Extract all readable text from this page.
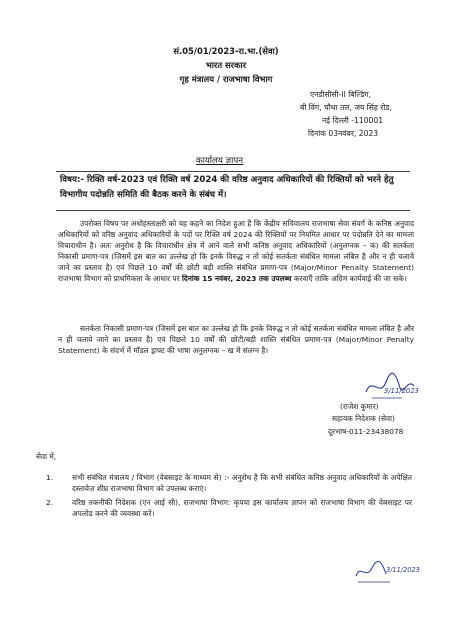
सं.05/01/2023-रा.भा.(सेवा)
भारत सरकार
गृह मंत्रालय / राजभाषा विभाग
एनडीसीसी-II बिल्डिंग,
बी विंग, चौथा तल, जय सिंह रोड,
नई दिल्ली -110001
दिनांक 03नवंबर, 2023
कार्यालय ज्ञापन
विषय:- रिक्ति वर्ष-2023 एवं रिक्ति वर्ष 2024 की वरिष्ठ अनुवाद अधिकारियों की रिक्तियों को भरने हेतु विभागीय पदोन्नति समिति की बैठक करने के संबंध में।
उपरोक्त विषय पर अधोहस्ताक्षरी को यह कहने का निदेश हुआ है कि केंद्रीय सचिवालय राजभाषा सेवा संवर्ग के कनिष्ठ अनुवाद अधिकारियों को वरिष्ठ अनुवाद अधिकारियों के पदों पर रिक्ति वर्ष 2024 की रिक्तियों पर नियमित आधार पर पदोन्नति देने का मामला विचाराधीन है। अतः अनुरोध है कि विचाराधीन क्षेत्र में आने वाले सभी कनिष्ठ अनुवाद अधिकारियों (अनुलग्नक – क) की सतर्कता निकासी प्रमाण-पत्र (जिसमें इस बात का उल्लेख हो कि इनके विरुद्ध न तो कोई सतर्कता संबंधित मामला लंबित है और न ही चलाये जाने का प्रस्ताव है) एवं पिछले 10 वर्षों की छोटी बड़ी शास्ति संबंधित प्रमाण-पत्र (Major/Minor Penalty Statement) राजभाषा विभाग को प्राथमिकता के आधार पर दिनांक 15 नवंबर, 2023 तक उपलब्ध करवाएँ ताकि अग्रिम कार्यवाई की जा सके।
सतर्कता निकासी प्रमाण-पत्र (जिसमें इस बात का उल्लेख हो कि इनके विरुद्ध न तो कोई सतर्कता संबंधित मामला लंबित है और न ही चलाये जाने का प्रस्ताव है) एवं पिछले 10 वर्षों की छोटी/बड़ी शास्ति संबंधित प्रमाण-पत्र (Major/Minor Penalty Statement) के संदर्भ में मॉडल ड्राफ्ट की भाषा अनुलग्नक – ख में संलग्न है।
3/11/2023
(राजेश कुमार)
सहायक निदेशक (सेवा)
दूरभाष-011-23438078
सेवा में,
1.	सभी संबंधित मंत्रालय / विभाग (वेबसाइट के माध्यम से) :- अनुरोध है कि सभी संबंधित कनिष्ठ अनुवाद अधिकारियों के अपेक्षित दस्तावेज़ शीघ्र राजभाषा विभाग को उपलब्ध कराएं।
2.	वरिष्ठ तकनीकी निदेशक (एन आई सी), राजभाषा विभाग: कृपया इस कार्यालय ज्ञापन को राजभाषा विभाग की वेबसाइट पर अपलोड करने की व्यवस्था करें।
3/11/2023
